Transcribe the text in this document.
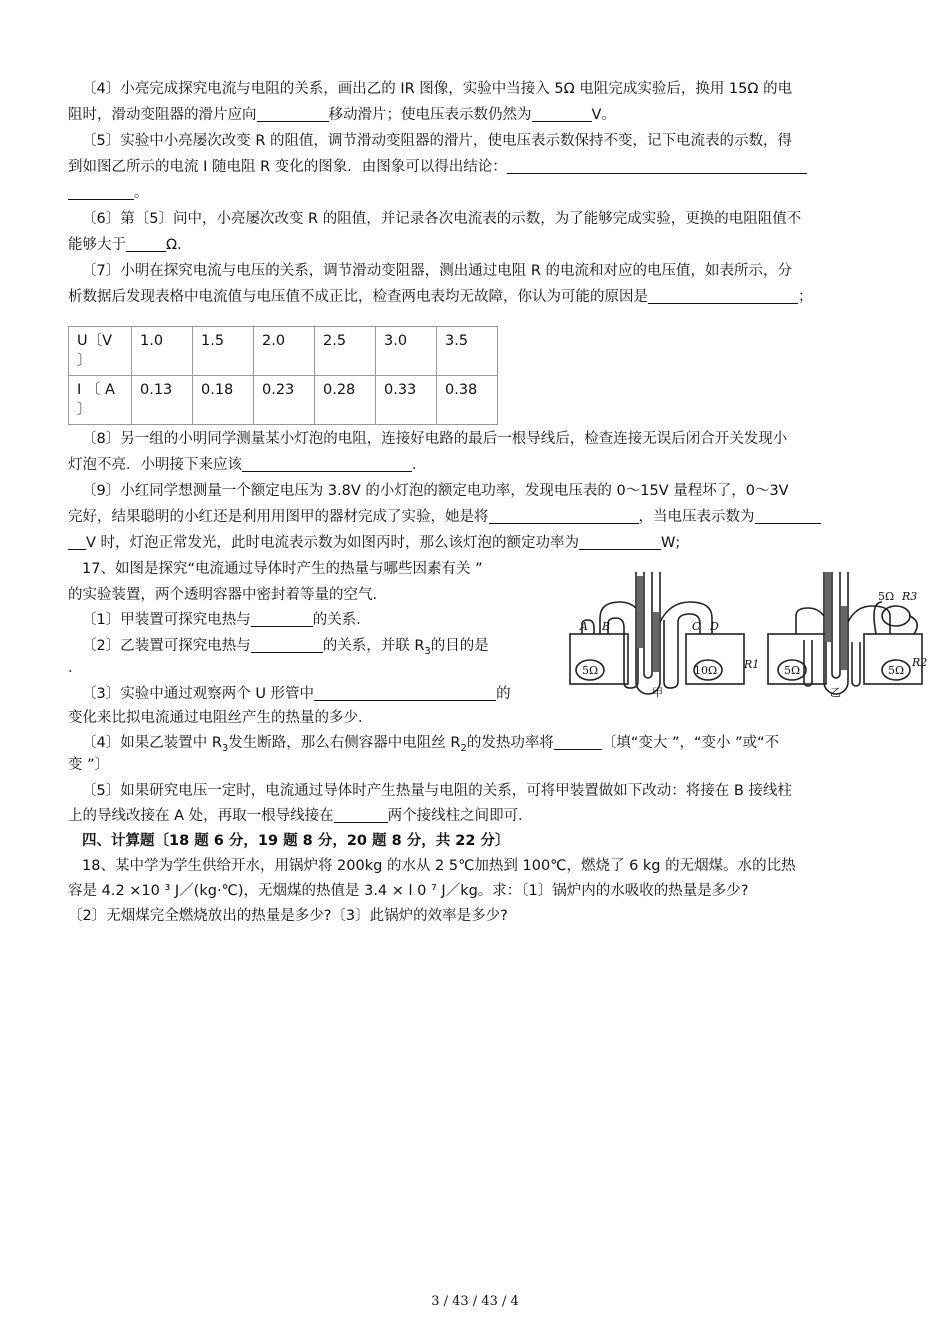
〔4〕小亮完成探究电流与电阻的关系，画出乙的 IR 图像，实验中当接入 5Ω 电阻完成实验后，换用 15Ω 的电
阻时，滑动变阻器的滑片应向	移动滑片；使电压表示数仍然为	V。
〔5〕实验中小亮屡次改变 R 的阻值，调节滑动变阻器的滑片，使电压表示数保持不变，记下电流表的示数，得
到如图乙所示的电流 I 随电阻 R 变化的图象．由图象可以得出结论：
。
〔6〕第〔5〕问中，小亮屡次改变 R 的阻值，并记录各次电流表的示数，为了能够完成实验，更换的电阻阻值不
能够大于	Ω．
〔7〕小明在探究电流与电压的关系，调节滑动变阻器，测出通过电阻 R 的电流和对应的电压值，如表所示，分
析数据后发现表格中电流值与电压值不成正比，检查两电表均无故障，你认为可能的原因是	；
U〔V
〕	1.0	1.5	2.0	2.5	3.0	3.5
I 〔 A
〕	0.13	0.18	0.23	0.28	0.33	0.38
〔8〕另一组的小明同学测量某小灯泡的电阻，连接好电路的最后一根导线后，检查连接无误后闭合开关发现小
灯泡不亮．小明接下来应该	．
〔9〕小红同学想测量一个额定电压为 3.8V 的小灯泡的额定电功率，发现电压表的 0～15V 量程坏了，0～3V
完好，结果聪明的小红还是利用用图甲的器材完成了实验，她是将	，当电压表示数为
V 时，灯泡正常发光，此时电流表示数为如图丙时，那么该灯泡的额定功率为	W;
17、如图是探究“电流通过导体时产生的热量与哪些因素有关 ”
的实验装置，两个透明容器中密封着等量的空气．
〔1〕甲装置可探究电热与	的关系．
〔2〕乙装置可探究电热与	的关系，并联 $R_3$的目的是
．
〔3〕实验中通过观察两个 U 形管中	的
变化来比拟电流通过电阻丝产生的热量的多少．
〔4〕如果乙装置中 $R_3$发生断路，那么右侧容器中电阻丝 $R_2$的发热功率将	〔填“变大 ”，“变小 ”或“不
变 ”〕
〔5〕如果研究电压一定时，电流通过导体时产生热量与电阻的关系，可将甲装置做如下改动：将接在 B 接线柱
上的导线改接在 A 处，再取一根导线接在	两个接线柱之间即可．
A B	C D
5Ω	10Ω R1 5Ω	5Ω
R2
5Ω R3
甲	乙
四、计算题〔18 题 6 分，19 题 8 分，20 题 8 分，共 22 分〕
18、某中学为学生供给开水，用锅炉将 200kg 的水从 2 5℃加热到 100℃，燃烧了 6 kg 的无烟煤。水的比热
容是 4.2 ×10 ³ J／(kg·℃)，无烟煤的热值是 3.4 × l 0 ⁷ J／kg。求：〔1〕锅炉内的水吸收的热量是多少?
〔2〕无烟煤完全燃烧放出的热量是多少?〔3〕此锅炉的效率是多少?
3 / 43 / 43 / 4
